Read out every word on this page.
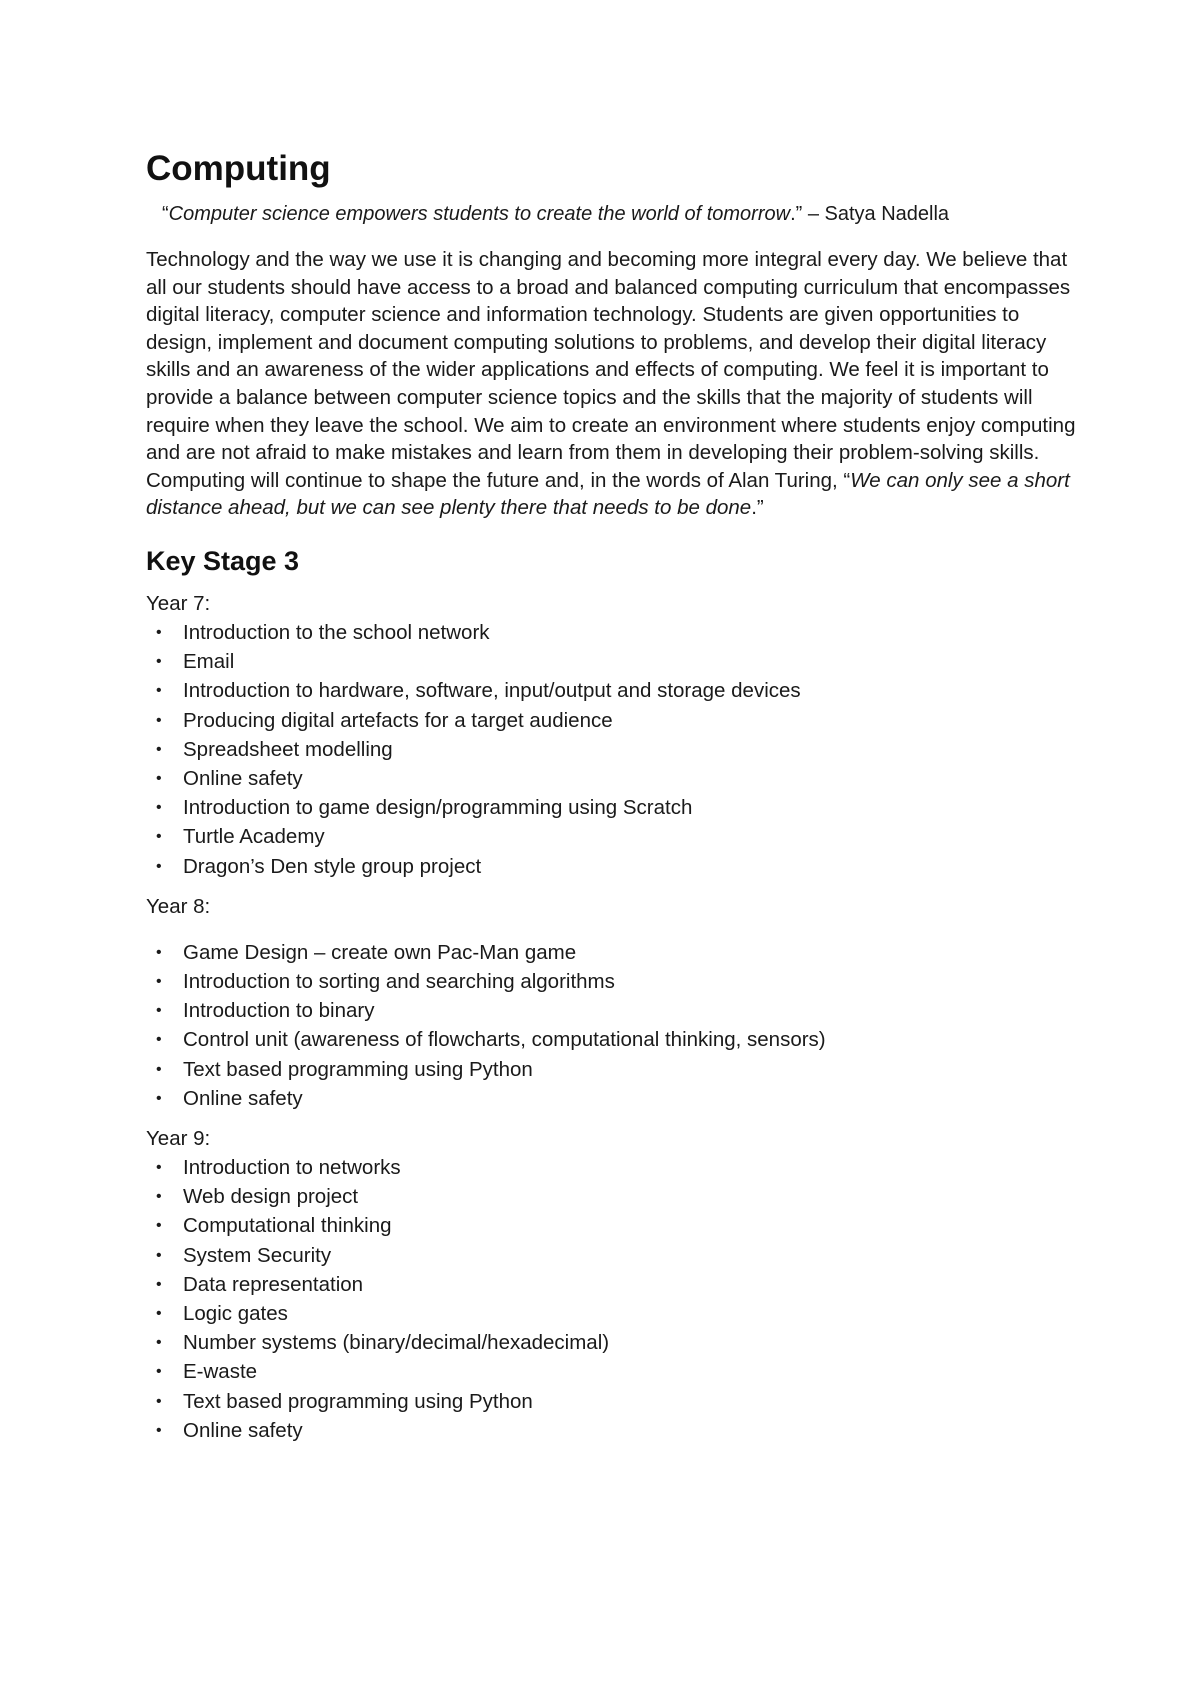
Computing
“Computer science empowers students to create the world of tomorrow.” – Satya Nadella
Technology and the way we use it is changing and becoming more integral every day. We believe that all our students should have access to a broad and balanced computing curriculum that encompasses digital literacy, computer science and information technology. Students are given opportunities to design, implement and document computing solutions to problems, and develop their digital literacy skills and an awareness of the wider applications and effects of computing. We feel it is important to provide a balance between computer science topics and the skills that the majority of students will require when they leave the school. We aim to create an environment where students enjoy computing and are not afraid to make mistakes and learn from them in developing their problem-solving skills. Computing will continue to shape the future and, in the words of Alan Turing, “We can only see a short distance ahead, but we can see plenty there that needs to be done.”
Key Stage 3

Year 7:

• Introduction to the school network
• Email
• Introduction to hardware, software, input/output and storage devices
• Producing digital artefacts for a target audience
• Spreadsheet modelling
• Online safety
• Introduction to game design/programming using Scratch
• Turtle Academy
• Dragon’s Den style group project

Year 8:

• Game Design – create own Pac-Man game
• Introduction to sorting and searching algorithms
• Introduction to binary
• Control unit (awareness of flowcharts, computational thinking, sensors)
• Text based programming using Python
• Online safety

Year 9:

• Introduction to networks
• Web design project
• Computational thinking
• System Security
• Data representation
• Logic gates
• Number systems (binary/decimal/hexadecimal)
• E-waste
• Text based programming using Python
• Online safety
